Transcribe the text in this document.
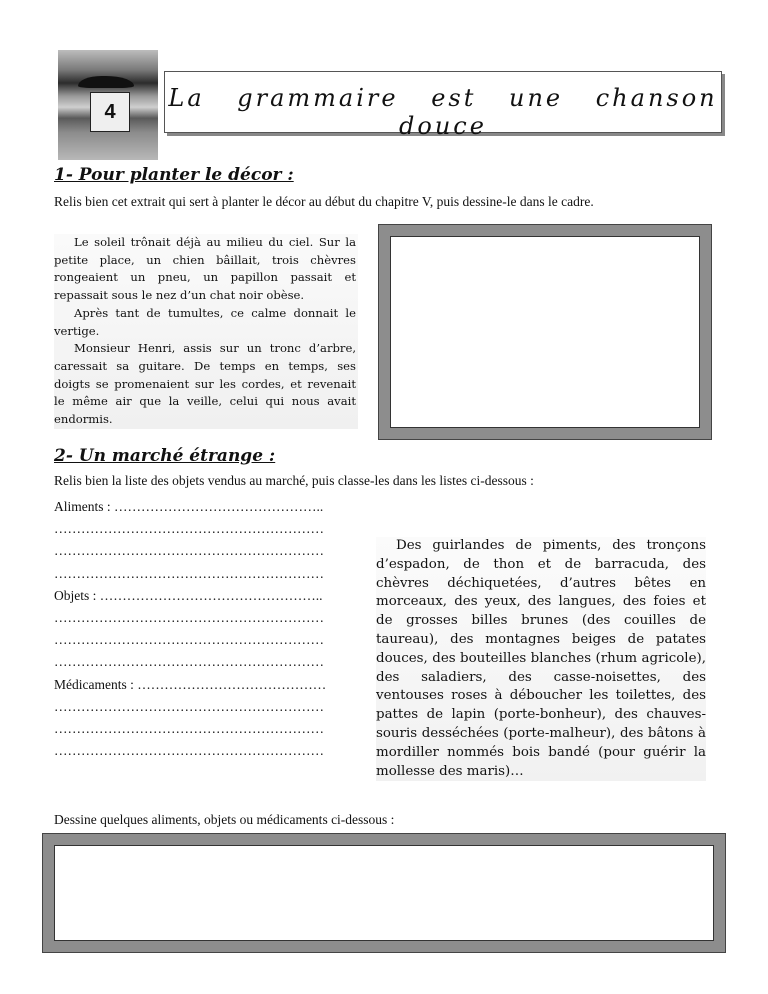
4	La grammaire est une chanson douce
1- Pour planter le décor :
Relis bien cet extrait qui sert à planter le décor au début du chapitre V, puis dessine-le dans le cadre.

Le soleil trônait déjà au milieu du ciel. Sur la petite place, un chien bâillait, trois chèvres rongeaient un pneu, un papillon passait et repassait sous le nez d’un chat noir obèse.

Après tant de tumultes, ce calme donnait le vertige.

Monsieur Henri, assis sur un tronc d’arbre, caressait sa guitare. De temps en temps, ses doigts se promenaient sur les cordes, et revenait le même air que la veille, celui qui nous avait endormis.

2- Un marché étrange :
Relis bien la liste des objets vendus au marché, puis classe-les dans les listes ci-dessous :
Aliments : ………………………………………..
……………………………………………………
……………………………………………………
……………………………………………………
Objets : …………………………………………..
……………………………………………………
……………………………………………………
……………………………………………………
Médicaments : ……………………………………
……………………………………………………
……………………………………………………
……………………………………………………

Des guirlandes de piments, des tronçons d’espadon, de thon et de barracuda, des chèvres déchiquetées, d’autres bêtes en morceaux, des yeux, des langues, des foies et de grosses billes brunes (des couilles de taureau), des montagnes beiges de patates douces, des bouteilles blanches (rhum agricole), des saladiers, des casse-noisettes, des ventouses roses à déboucher les toilettes, des pattes de lapin (porte-bonheur), des chauves-souris desséchées (porte-malheur), des bâtons à mordiller nommés bois bandé (pour guérir la mollesse des maris)…

Dessine quelques aliments, objets ou médicaments ci-dessous :
